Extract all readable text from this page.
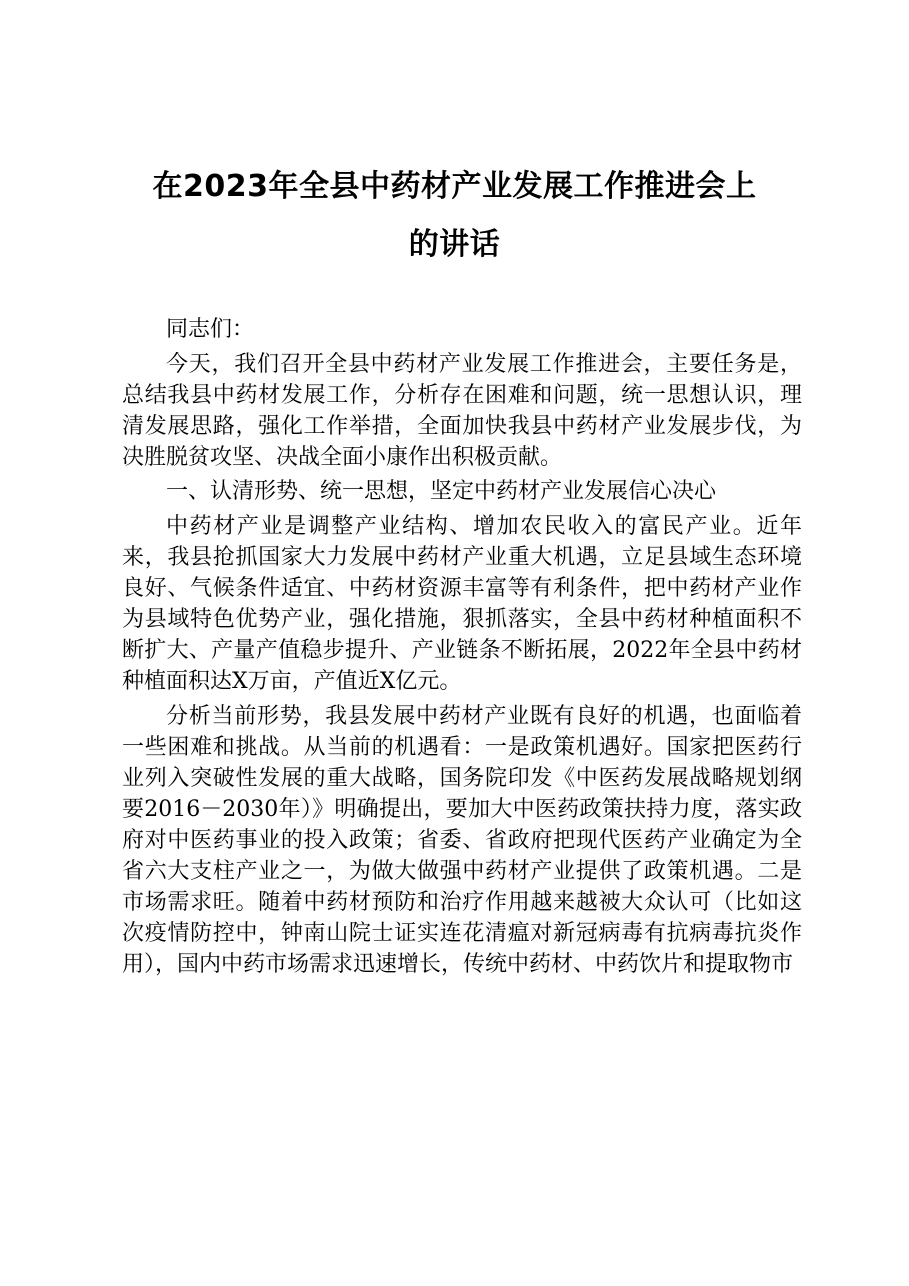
在2023年全县中药材产业发展工作推进会上
的讲话

同志们：

今天，我们召开全县中药材产业发展工作推进会，主要任务是，总结我县中药材发展工作，分析存在困难和问题，统一思想认识，理清发展思路，强化工作举措，全面加快我县中药材产业发展步伐，为决胜脱贫攻坚、决战全面小康作出积极贡献。

一、认清形势、统一思想，坚定中药材产业发展信心决心

中药材产业是调整产业结构、增加农民收入的富民产业。近年来，我县抢抓国家大力发展中药材产业重大机遇，立足县域生态环境良好、气候条件适宜、中药材资源丰富等有利条件，把中药材产业作为县域特色优势产业，强化措施，狠抓落实，全县中药材种植面积不断扩大、产量产值稳步提升、产业链条不断拓展，2022年全县中药材种植面积达X万亩，产值近X亿元。

分析当前形势，我县发展中药材产业既有良好的机遇，也面临着一些困难和挑战。从当前的机遇看：一是政策机遇好。国家把医药行业列入突破性发展的重大战略，国务院印发《中医药发展战略规划纲要2016－2030年）》明确提出，要加大中医药政策扶持力度，落实政府对中医药事业的投入政策；省委、省政府把现代医药产业确定为全省六大支柱产业之一，为做大做强中药材产业提供了政策机遇。二是市场需求旺。随着中药材预防和治疗作用越来越被大众认可（比如这次疫情防控中，钟南山院士证实连花清瘟对新冠病毒有抗病毒抗炎作用），国内中药市场需求迅速增长，传统中药材、中药饮片和提取物市
